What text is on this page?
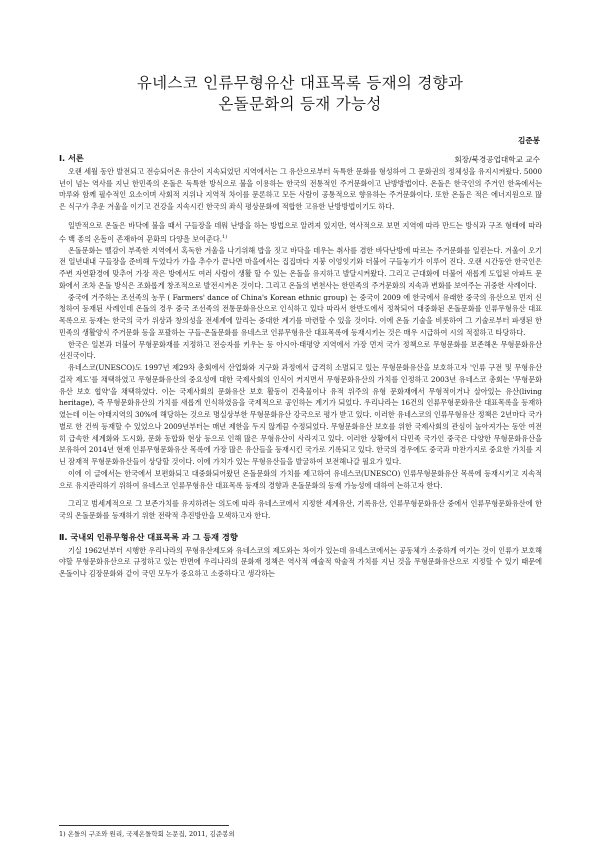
유네스코 인류무형유산 대표목록 등재의 경향과
온돌문화의 등재 가능성
김준봉
회장/북경공업대학교 교수
Ⅰ. 서론

오랜 세월 동안 발전되고 전승되어온 유산이 지속되었던 지역에서는 그 유산으로부터 독특한 문화를 형성하여 그 문화권의 정체성을 유지시켜왔다. 5000년이 넘는 역사를 지닌 한민족의 온돌은 독특한 방식으로 불을 이용하는 한국의 전통적인 주거문화이고 난방방법이다. 온돌은 한국인의 주거인 한옥에서는 마루와 함께 필수적인 요소이며 사회적 지위나 지역적 차이를 문론하고 모든 사람이 공통적으로 향유하는 주거문화이다. 또한 온돌은 적은 에너지원으로 많은 식구가 추운 겨울을 이기고 건강을 지속시킨 한국의 좌식 평상문화에 적합한 고유한 난방방법이기도 하다.

일반적으로 온돌은 바닥에 불을 때서 구들장을 데워 난방을 하는 방법으로 알려져 있지만, 역사적으로 보면 지역에 따라 만드는 방식과 구조 형태에 따라 수 백 종의 온돌이 존재하여 문화의 다양을 보여준다.$^{1)}$

온돌문화는 뗄감이 부족한 지역에서 혹독한 겨울을 나기위해 밥을 짓고 바닥을 데우는 취사를 겸한 바닥난방에 따르는 주거문화를 일컫는다. 겨울이 오기전 일년내내 구들장을 준비해 두었다가 가을 추수가 끝나면 마을에서는 집집마다 지붕 이엉잇기와 더불어 구들놓기가 이루어 진다. 오랜 시간동안 한국인은 주변 자연환경에 맞추어 가장 작은 방에서도 여러 사람이 생활 할 수 있는 온돌을 유지하고 발달시켜왔다. 그리고 근대화에 더불어 새롭게 도입된 아파트 문화에서 조차 온돌 방식은 조화롭게 창조적으로 발전시켜온 것이다. 그리고 온돌의 변천사는 한민족의 주거문화의 지속과 변화를 보여주는 귀중한 사례이다.

중국에 거주하는 조선족의 농무 ( Farmers' dance of China's Korean ethnic group) 는 중국이 2009 에 한국에서 유래한 중국의 유산으로 먼저 신청하여 등재된 사례인데 온돌의 경우 중국 조선족의 전통문화유산으로 인식하고 있다 따라서 한반도에서 정착되어 대중화된 온돌문화를 인류무형유산 대표목록으로 등재는 한국의 국가 위상과 창의성을 전세계에 알리는 중대한 계기를 마련할 수 있을 것이다. 이에 온돌 기술을 비롯하여 그 기술로부터 파생된 한민족의 생활양식 주거문화 등을 포괄하는 구들-온돌문화를 유네스코 인류무형유산 대표목록에 등재시키는 것은 매우 시급하여 시의 적절하고 타당하다.

한국은 일본과 더불어 무형문화재를 지정하고 전승자를 키우는 등 아시아·태평양 지역에서 가장 먼저 국가 정책으로 무형문화를 보존해온 무형문화유산 선진국이다.

유네스코(UNESCO)도 1997년 제29차 총회에서 산업화와 지구화 과정에서 급격히 소멸되고 있는 무형문화유산을 보호하고자 '인류 구전 및 무형유산 걸작 제도'를 채택하였고 무형문화유산의 중요성에 대한 국제사회의 인식이 커지면서 무형문화유산의 가치를 인정하고 2003년 유네스코 총회는 '무형문화유산 보호 협약'을 채택하였다. 이는 국제사회의 문화유산 보호 활동이 건축물이나 유적 위주의 유형 문화재에서 무형적이거나 살아있는 유산(living heritage), 즉 무형문화유산의 가치를 새롭게 인식하였음을 국제적으로 공인하는 계기가 되었다. 우리나라는 16건의 인류무형문화유산 대표목록을 등재하였는데 이는 아태지역의 30%에 해당하는 것으로 명실상부한 무형문화유산 강국으로 평가 받고 있다. 이러한 유네스코의 인류무형유산 정책은 2년마다 국가별로 한 건씩 등재할 수 있었으나 2009년부터는 매년 제한을 두지 않게끔 수정되었다. 무형문화유산 보호를 위한 국제사회의 관심이 높아져가는 동안 여전히 급속한 세계화와 도시화, 문화 동합화 현상 등으로 인해 많은 무형유산이 사라지고 있다. 이러한 상황에서 다민족 국가인 중국은 다양한 무형문화유산을 보유하여 2014년 현재 인류무형문화유산 목록에 가장 많은 유산들을 등재시킨 국가로 기록되고 있다. 한국의 경우에도 중국과 마찬가지로 중요한 가치를 지닌 잠재적 무형문화유산들이 상당할 것이다. 이에 가치가 있는 무형유산들을 발굴하여 보전해나갈 필요가 있다.

이에 이 글에서는 한국에서 보편화되고 대중화되어왔던 온돌문화의 가치를 제고하여 유네스코(UNESCO) 인류무형문화유산 목록에 등재시키고 지속적으로 유지관리하기 위하여 유네스코 인류무형유산 대표목록 등재의 경향과 온돌문화의 등재 가능성에 대하여 논하고자 한다.

그리고 범세계적으로 그 보존가치를 유지하려는 의도에 따라 유네스코에서 지정한 세계유산, 기록유산, 인류무형문화유산 중에서 인류무형문화유산에 한국의 온돌문화를 등재하기 위한 전략적 추진방안을 모색하고자 한다.

Ⅱ. 국내외 인류무형유산 대표목록 과 그 등재 경향

기실 1962년부터 시행한 우리나라의 무형유산제도와 유네스코의 제도와는 차이가 있는데 유네스코에서는 공동체가 소중하게 여기는 것이 인류가 보호해야할 무형문화유산으로 규정하고 있는 반면에 우리나라의 문화재 정책은 역사적 예술적 학술적 가치를 지닌 것을 무형문화유산으로 지정할 수 있기 때문에 온돌이나 김장문화와 같이 국민 모두가 중요하고 소중하다고 생각하는

1) 온돌의 구조와 원리, 국제온돌학회 논문집, 2011, 김준봉외
